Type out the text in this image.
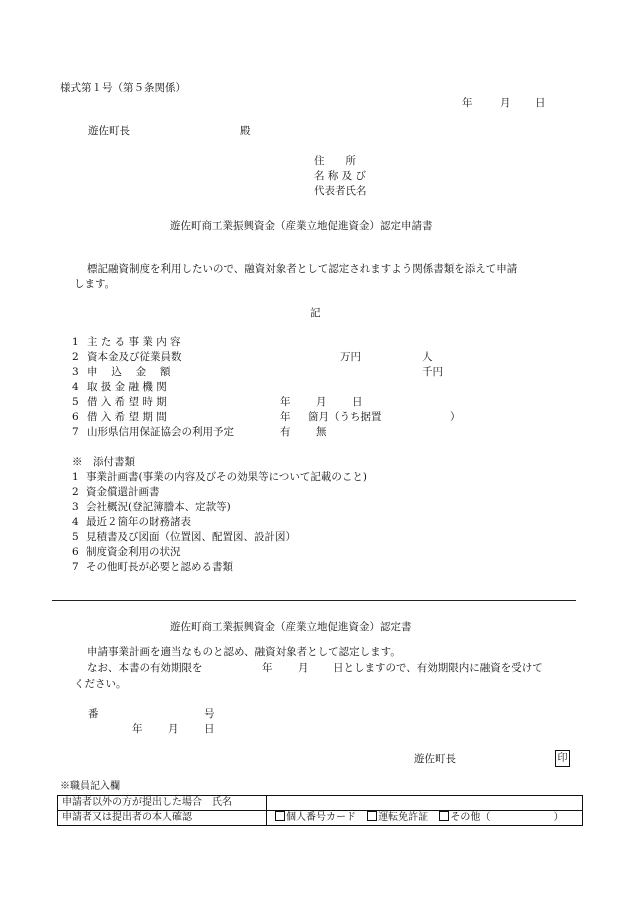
様式第１号（第５条関係）
年	月 日
遊佐町長	殿
住　　所
名 称 及 び
代表者氏名
遊佐町商工業振興資金（産業立地促進資金）認定申請書
標記融資制度を利用したいので、融資対象者として認定されますよう関係書類を添えて申請
します。
記
1 主 た る 事 業 内 容
2 資本金及び従業員数	万円	人
3 申　 込　 金　 額	千円
4 取 扱 金 融 機 関
5 借 入 希 望 時 期	年 月 日
6 借 入 希 望 期 間	年 箇月（うち据置	）
7 山形県信用保証協会の利用予定	有 無
※　添付書類
1 事業計画書(事業の内容及びその効果等について記載のこと)
2 資金償還計画書
3 会社概況(登記簿謄本、定款等)
4 最近２箇年の財務諸表
5 見積書及び図面（位置図、配置図、設計図）
6 制度資金利用の状況
7 その他町長が必要と認める書類
遊佐町商工業振興資金（産業立地促進資金）認定書
申請事業計画を適当なものと認め、融資対象者として認定します。
なお、本書の有効期限を	年 月 日としますので、有効期限内に融資を受けて
ください。
番	号
年 月 日
遊佐町長	印
※職員記入欄
申請者以外の方が提出した場合　氏名	
申請者又は提出者の本人確認	個人番号カード 運転免許証 その他（ ）
